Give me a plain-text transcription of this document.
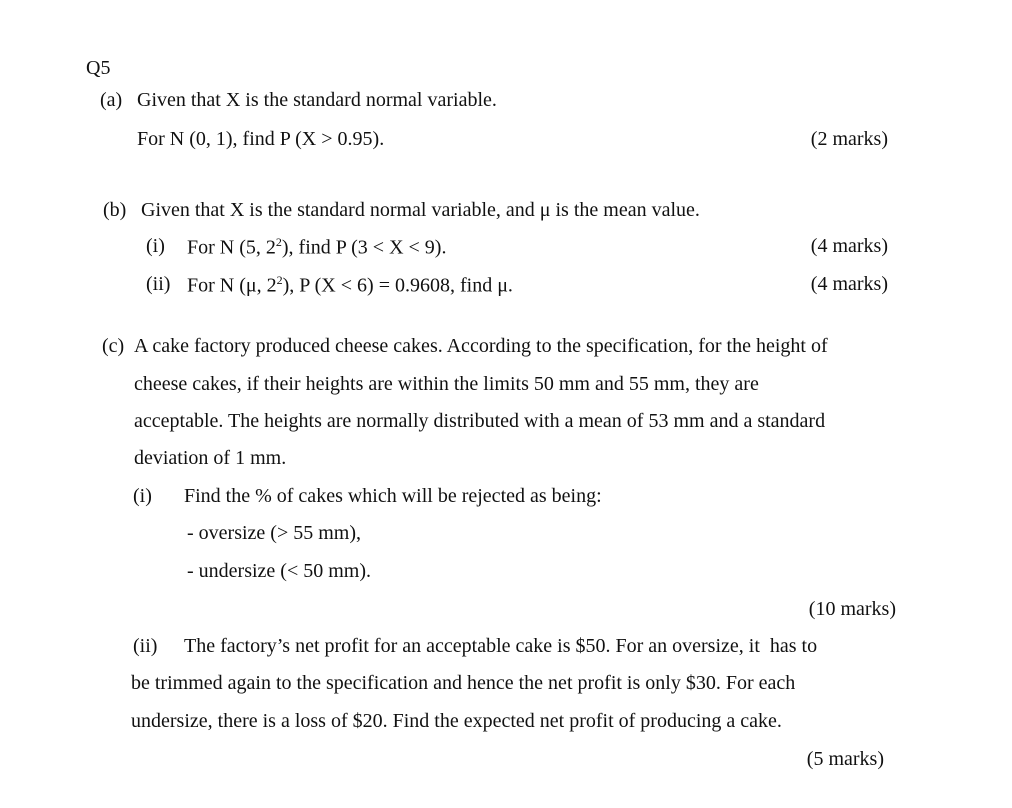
Q5
(a) Given that X is the standard normal variable.
For N (0, 1), find P (X > 0.95).	(2 marks)
(b) Given that X is the standard normal variable, and μ is the mean value.
(i) For N (5, $2^2$), find P (3 < X < 9).	(4 marks)
(ii) For N (μ, $2^2$), P (X < 6) = 0.9608, find μ.	(4 marks)
(c) A cake factory produced cheese cakes. According to the specification, for the height of
cheese cakes, if their heights are within the limits 50 mm and 55 mm, they are
acceptable. The heights are normally distributed with a mean of 53 mm and a standard
deviation of 1 mm.
(i) Find the % of cakes which will be rejected as being:
- oversize (> 55 mm),
- undersize (< 50 mm).
(10 marks)
(ii) The factory’s net profit for an acceptable cake is $50. For an oversize, it  has to
be trimmed again to the specification and hence the net profit is only $30. For each
undersize, there is a loss of $20. Find the expected net profit of producing a cake.
(5 marks)
